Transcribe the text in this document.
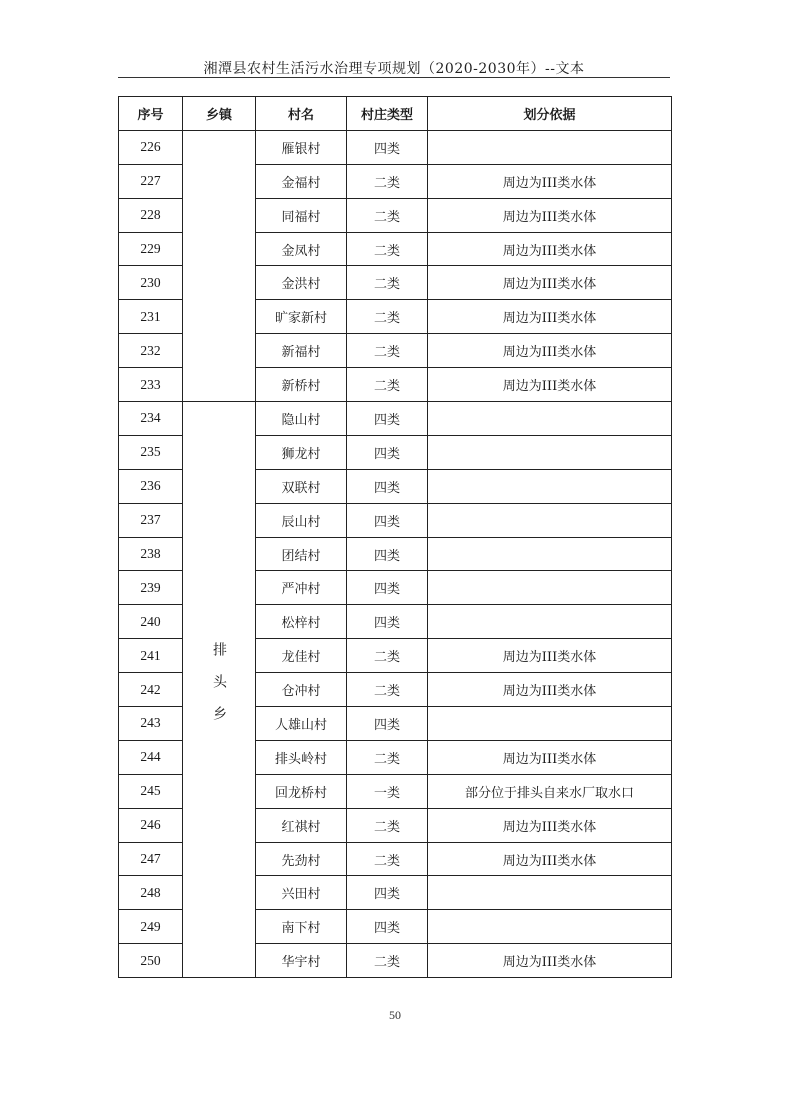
湘潭县农村生活污水治理专项规划（2020-2030年）--文本
序号	乡镇	村名	村庄类型	划分依据
226		雁银村	四类	
227		金福村	二类	周边为III类水体
228		同福村	二类	周边为III类水体
229		金凤村	二类	周边为III类水体
230		金洪村	二类	周边为III类水体
231		旷家新村	二类	周边为III类水体
232		新福村	二类	周边为III类水体
233		新桥村	二类	周边为III类水体
234	排头乡	隐山村	四类	
235		狮龙村	四类	
236		双联村	四类	
237		辰山村	四类	
238		团结村	四类	
239		严冲村	四类	
240		松梓村	四类	
241		龙佳村	二类	周边为III类水体
242		仓冲村	二类	周边为III类水体
243		人雄山村	四类	
244		排头岭村	二类	周边为III类水体
245		回龙桥村	一类	部分位于排头自来水厂取水口
246		红祺村	二类	周边为III类水体
247		先劲村	二类	周边为III类水体
248		兴田村	四类	
249		南下村	四类	
250		华宇村	二类	周边为III类水体
50
